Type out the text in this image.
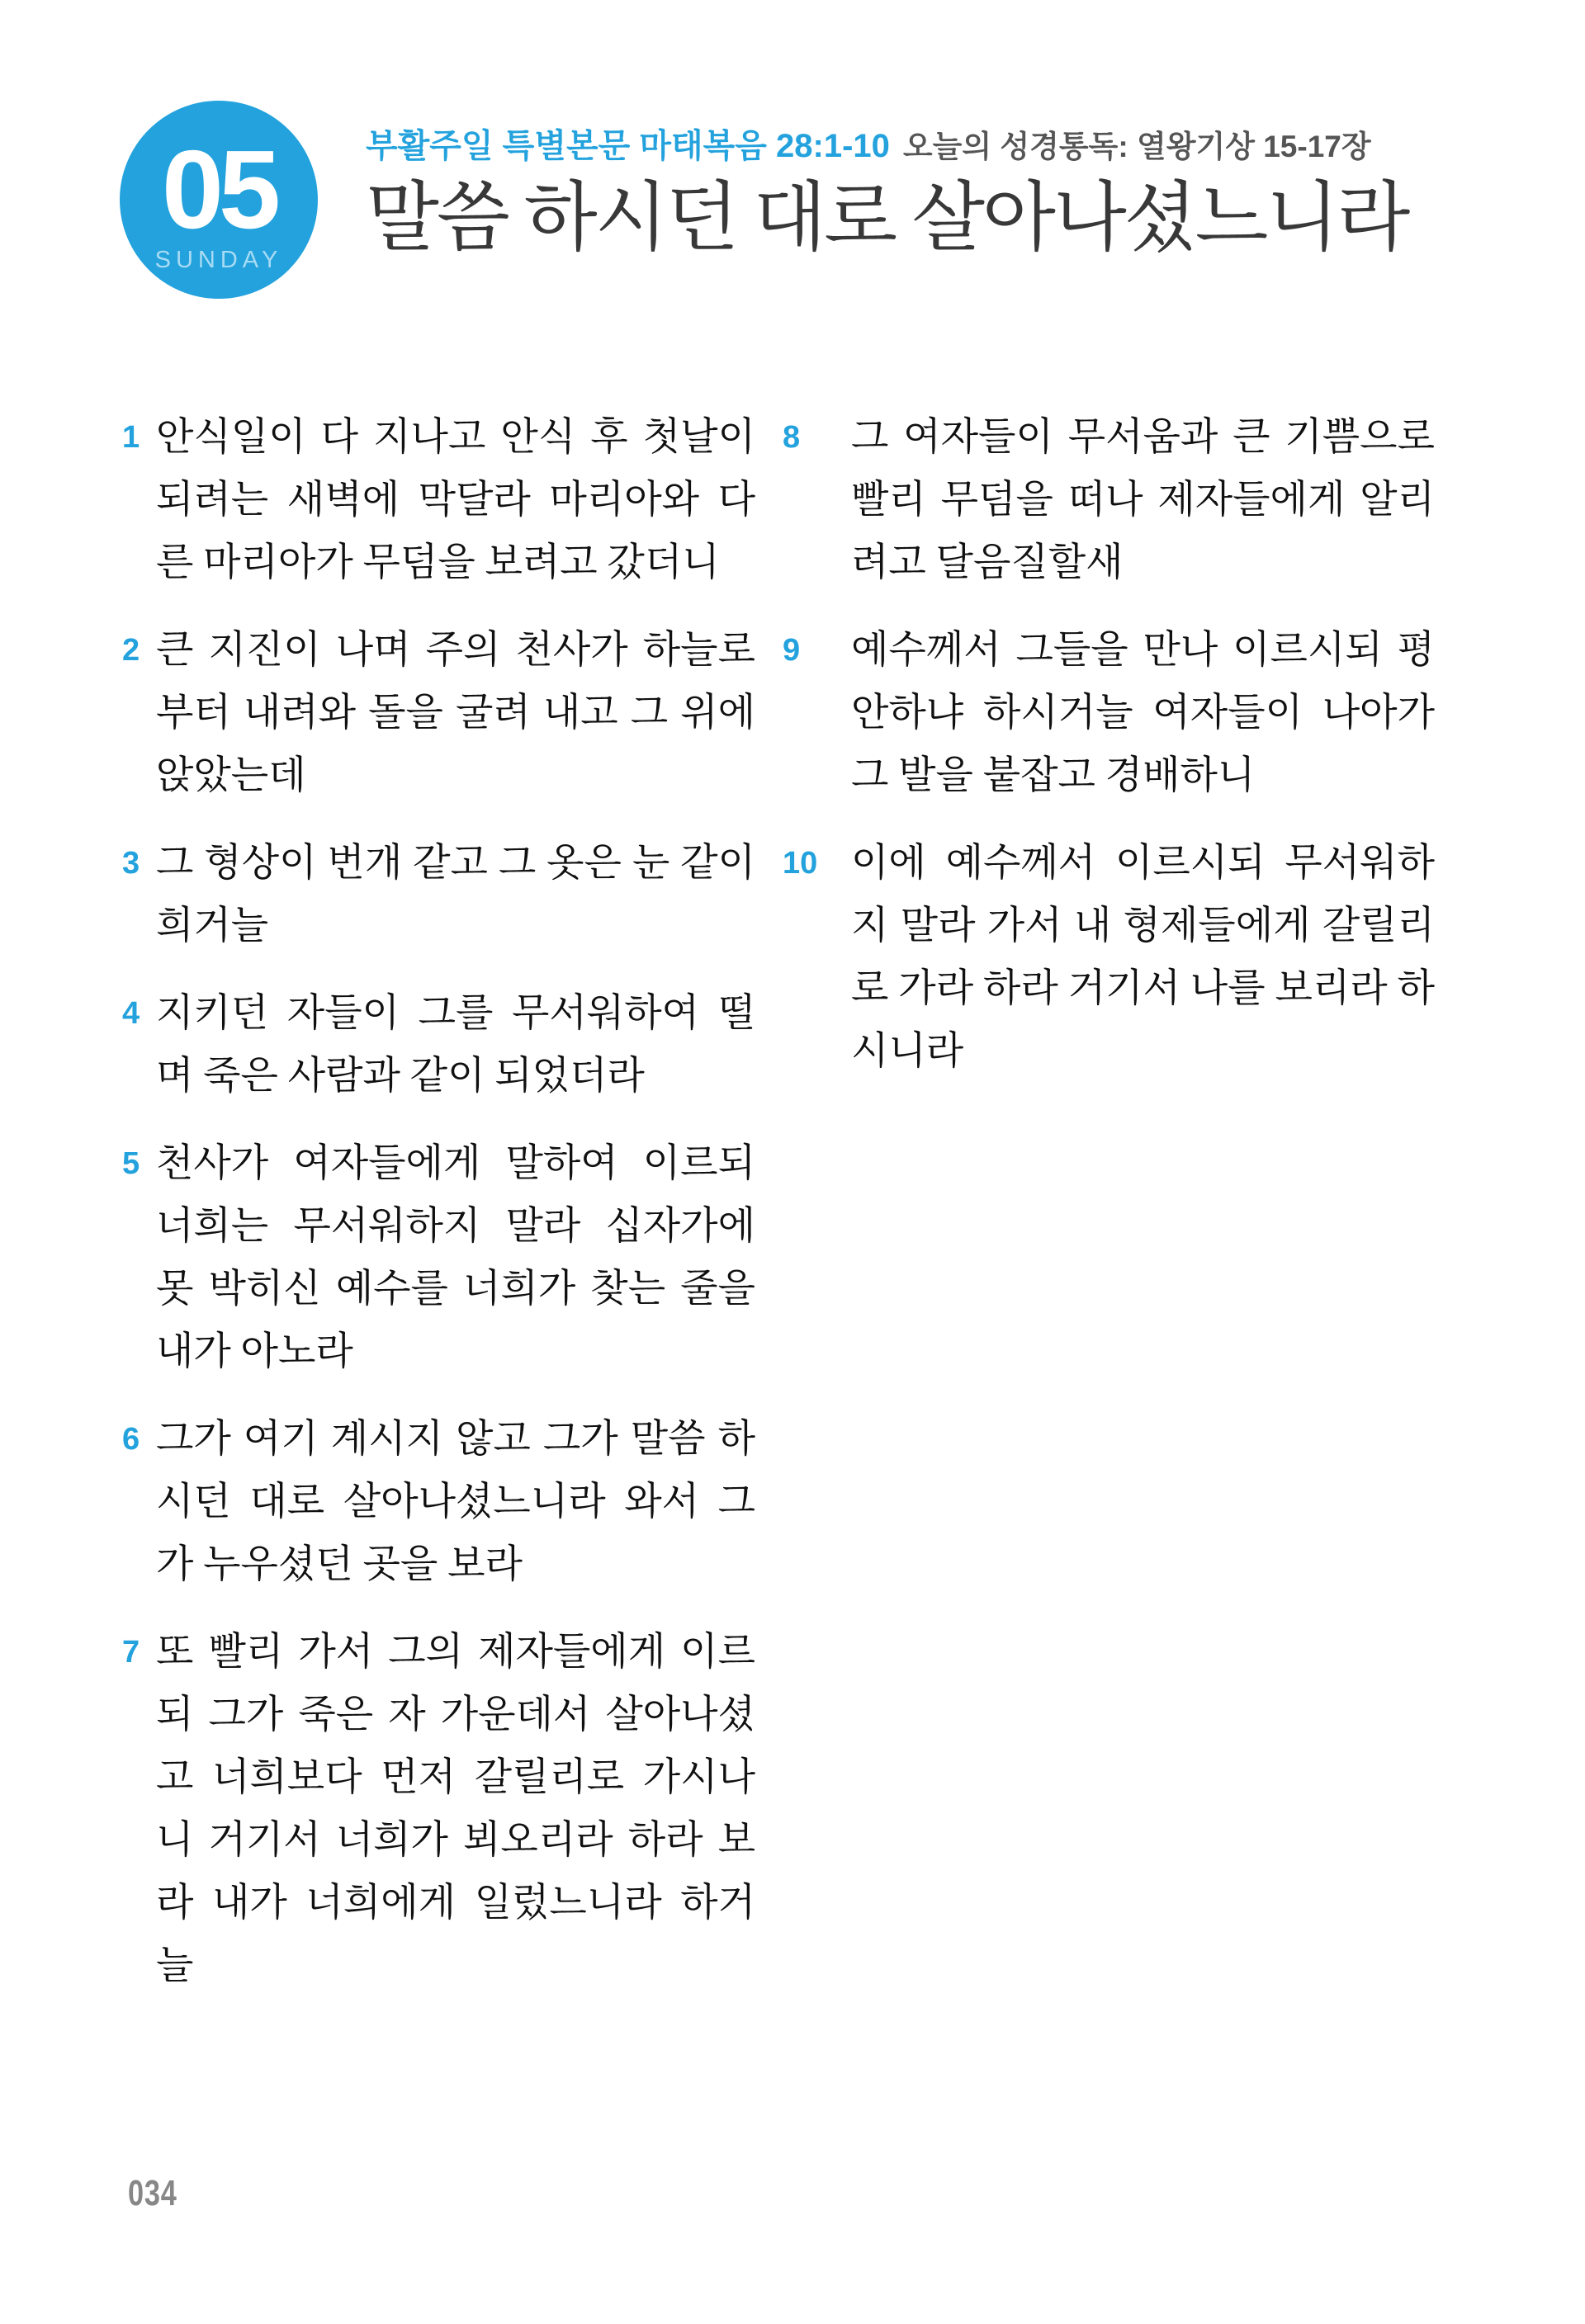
05
SUNDAY
부활주일 특별본문 마태복음 28:1-10 오늘의 성경통독: 열왕기상 15-17장
말씀 하시던 대로 살아나셨느니라
1 안식일이 다 지나고 안식 후 첫날이 되려는 새벽에 막달라 마리아와 다른 마리아가 무덤을 보려고 갔더니
2 큰 지진이 나며 주의 천사가 하늘로부터 내려와 돌을 굴려 내고 그 위에 앉았는데
3 그 형상이 번개 같고 그 옷은 눈 같이 희거늘
4 지키던 자들이 그를 무서워하여 떨며 죽은 사람과 같이 되었더라
5 천사가 여자들에게 말하여 이르되 너희는 무서워하지 말라 십자가에 못 박히신 예수를 너희가 찾는 줄을 내가 아노라
6 그가 여기 계시지 않고 그가 말씀 하시던 대로 살아나셨느니라 와서 그가 누우셨던 곳을 보라
7 또 빨리 가서 그의 제자들에게 이르되 그가 죽은 자 가운데서 살아나셨고 너희보다 먼저 갈릴리로 가시나니 거기서 너희가 뵈오리라 하라 보라 내가 너희에게 일렀느니라 하거늘
8 그 여자들이 무서움과 큰 기쁨으로 빨리 무덤을 떠나 제자들에게 알리려고 달음질할새
9 예수께서 그들을 만나 이르시되 평안하냐 하시거늘 여자들이 나아가 그 발을 붙잡고 경배하니
10 이에 예수께서 이르시되 무서워하지 말라 가서 내 형제들에게 갈릴리로 가라 하라 거기서 나를 보리라 하시니라
034
